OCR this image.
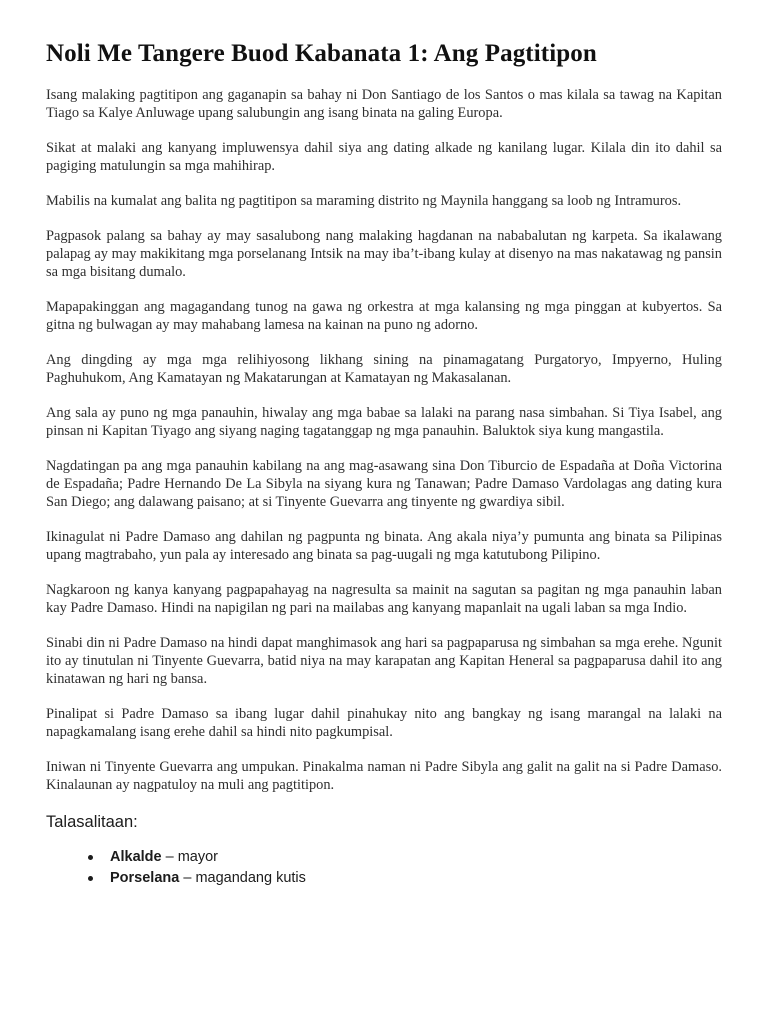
Noli Me Tangere Buod Kabanata 1: Ang Pagtitipon

Isang malaking pagtitipon ang gaganapin sa bahay ni Don Santiago de los Santos o mas kilala sa tawag na Kapitan Tiago sa Kalye Anluwage upang salubungin ang isang binata na galing Europa.

Sikat at malaki ang kanyang impluwensya dahil siya ang dating alkade ng kanilang lugar. Kilala din ito dahil sa pagiging matulungin sa mga mahihirap.

Mabilis na kumalat ang balita ng pagtitipon sa maraming distrito ng Maynila hanggang sa loob ng Intramuros.

Pagpasok palang sa bahay ay may sasalubong nang malaking hagdanan na nababalutan ng karpeta. Sa ikalawang palapag ay may makikitang mga porselanang Intsik na may iba’t-ibang kulay at disenyo na mas nakatawag ng pansin sa mga bisitang dumalo.

Mapapakinggan ang magagandang tunog na gawa ng orkestra at mga kalansing ng mga pinggan at kubyertos. Sa gitna ng bulwagan ay may mahabang lamesa na kainan na puno ng adorno.

Ang dingding ay mga mga relihiyosong likhang sining na pinamagatang Purgatoryo, Impyerno, Huling Paghuhukom, Ang Kamatayan ng Makatarungan at Kamatayan ng Makasalanan.

Ang sala ay puno ng mga panauhin, hiwalay ang mga babae sa lalaki na parang nasa simbahan. Si Tiya Isabel, ang pinsan ni Kapitan Tiyago ang siyang naging tagatanggap ng mga panauhin. Baluktok siya kung mangastila.

Nagdatingan pa ang mga panauhin kabilang na ang mag-asawang sina Don Tiburcio de Espadaña at Doña Victorina de Espadaña; Padre Hernando De La Sibyla na siyang kura ng Tanawan; Padre Damaso Vardolagas ang dating kura San Diego; ang dalawang paisano; at si Tinyente Guevarra ang tinyente ng gwardiya sibil.

Ikinagulat ni Padre Damaso ang dahilan ng pagpunta ng binata. Ang akala niya’y pumunta ang binata sa Pilipinas upang magtrabaho, yun pala ay interesado ang binata sa pag-uugali ng mga katutubong Pilipino.

Nagkaroon ng kanya kanyang pagpapahayag na nagresulta sa mainit na sagutan sa pagitan ng mga panauhin laban kay Padre Damaso. Hindi na napigilan ng pari na mailabas ang kanyang mapanlait na ugali laban sa mga Indio.

Sinabi din ni Padre Damaso na hindi dapat manghimasok ang hari sa pagpaparusa ng simbahan sa mga erehe. Ngunit ito ay tinutulan ni Tinyente Guevarra, batid niya na may karapatan ang Kapitan Heneral sa pagpaparusa dahil ito ang kinatawan ng hari ng bansa.

Pinalipat si Padre Damaso sa ibang lugar dahil pinahukay nito ang bangkay ng isang marangal na lalaki na napagkamalang isang erehe dahil sa hindi nito pagkumpisal.

Iniwan ni Tinyente Guevarra ang umpukan. Pinakalma naman ni Padre Sibyla ang galit na galit na si Padre Damaso. Kinalaunan ay nagpatuloy na muli ang pagtitipon.

Talasalitaan:
Alkalde – mayor
Porselana – magandang kutis
